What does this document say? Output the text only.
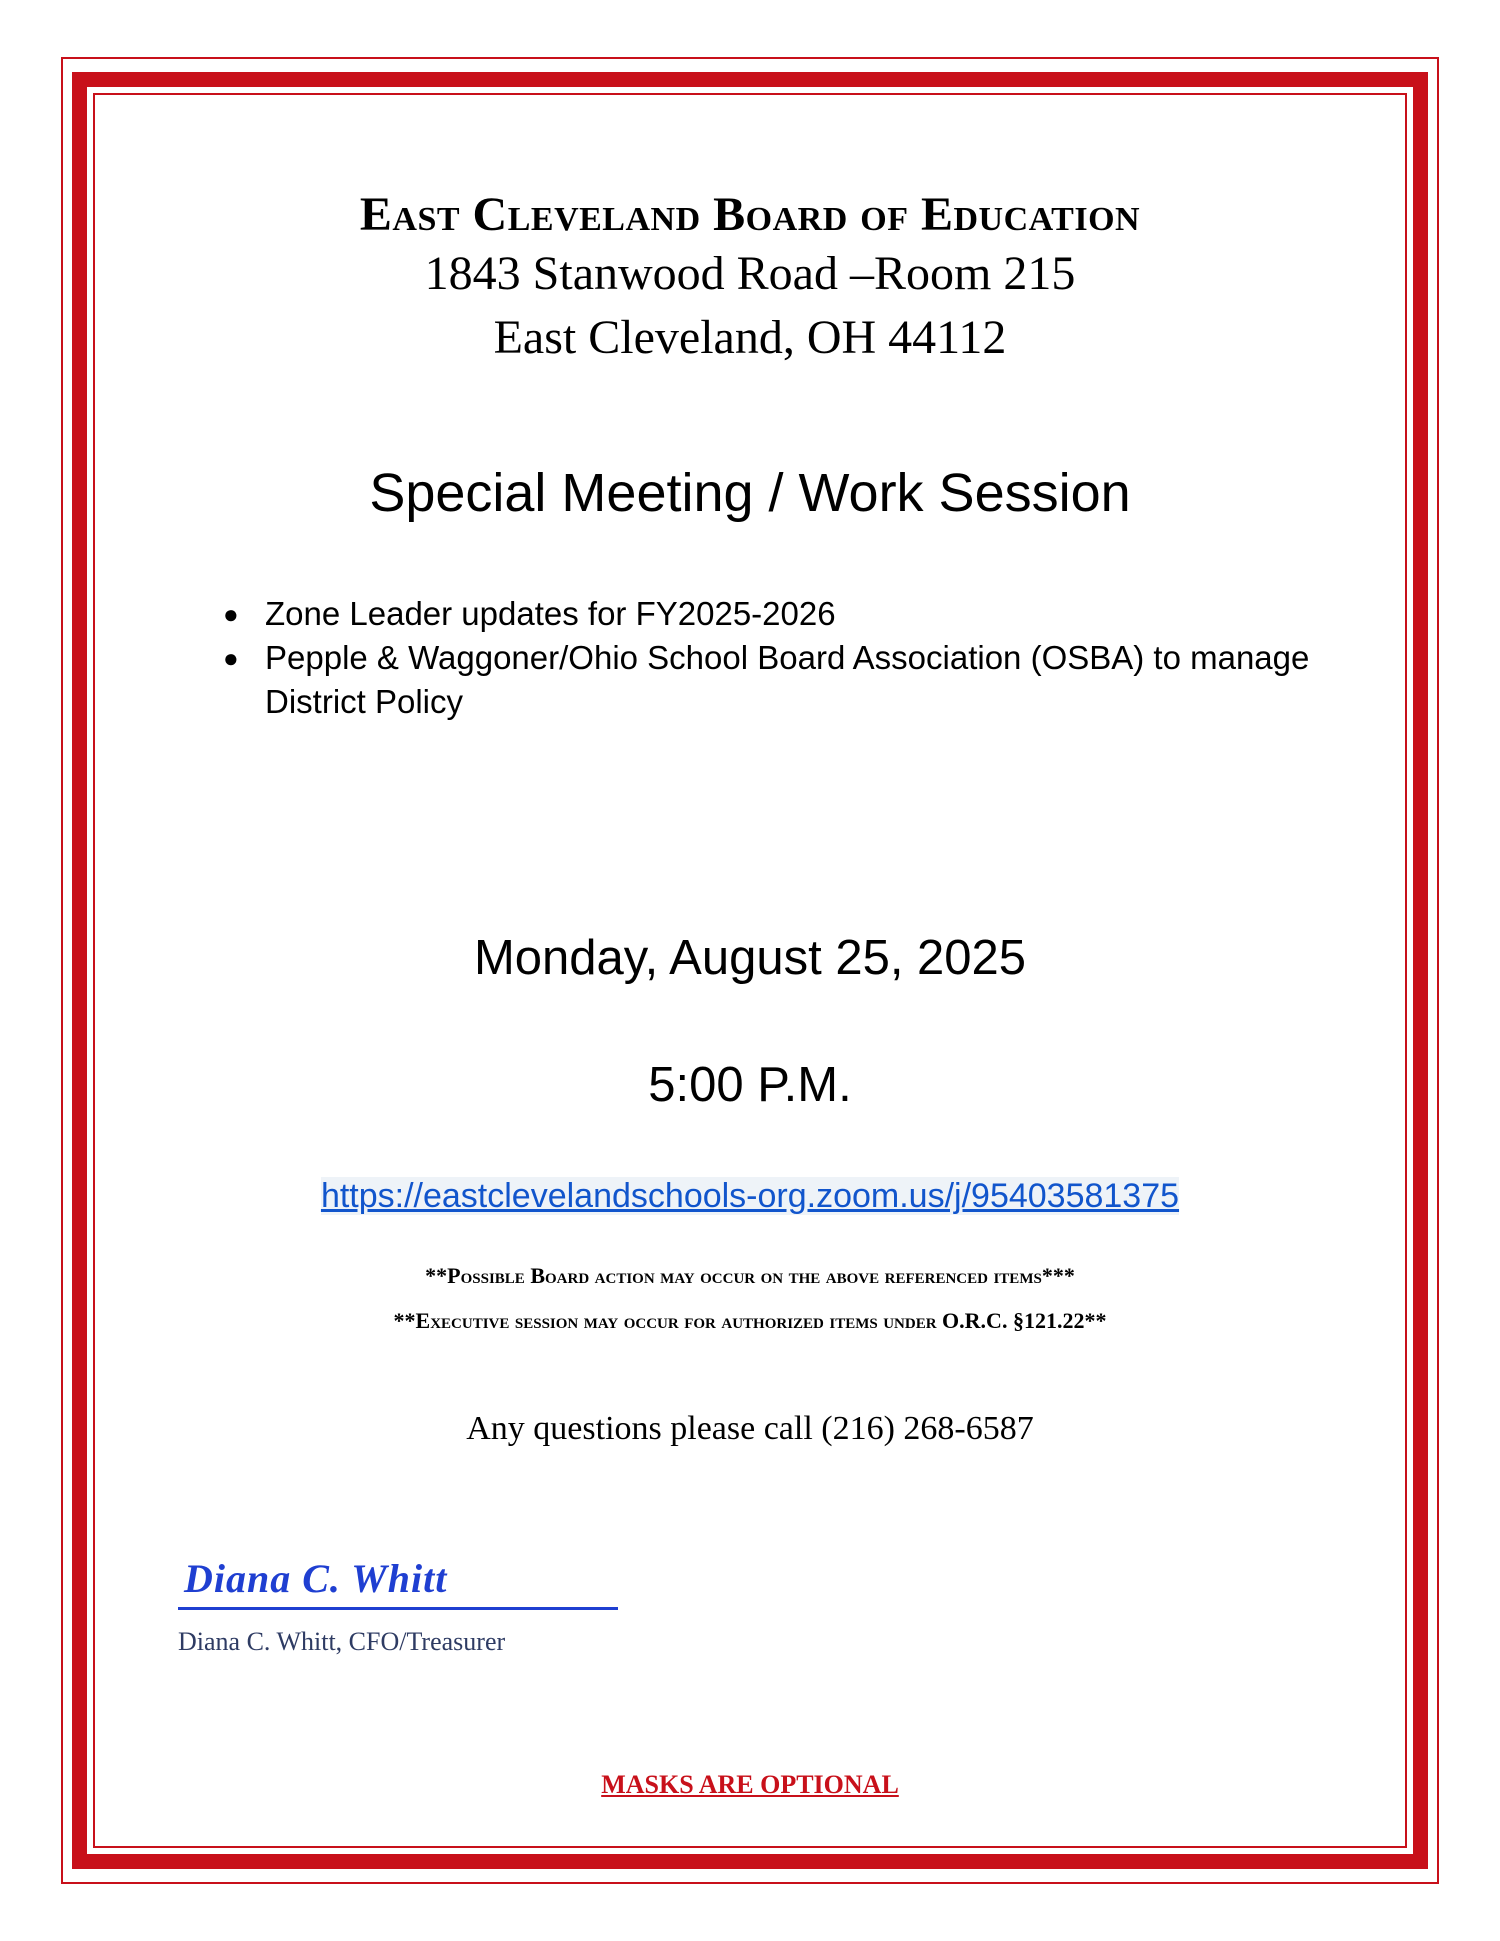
East Cleveland Board of Education
1843 Stanwood Road –Room 215
East Cleveland, OH 44112
Special Meeting / Work Session
● Zone Leader updates for FY2025-2026
● Pepple & Waggoner/Ohio School Board Association (OSBA) to manage District Policy
Monday, August 25, 2025
5:00 P.M.
https://eastclevelandschools-org.zoom.us/j/95403581375
**Possible Board action may occur on the above referenced items***
**Executive session may occur for authorized items under O.R.C. §121.22**
Any questions please call (216) 268-6587
Diana C. Whitt
Diana C. Whitt, CFO/Treasurer
MASKS ARE OPTIONAL
